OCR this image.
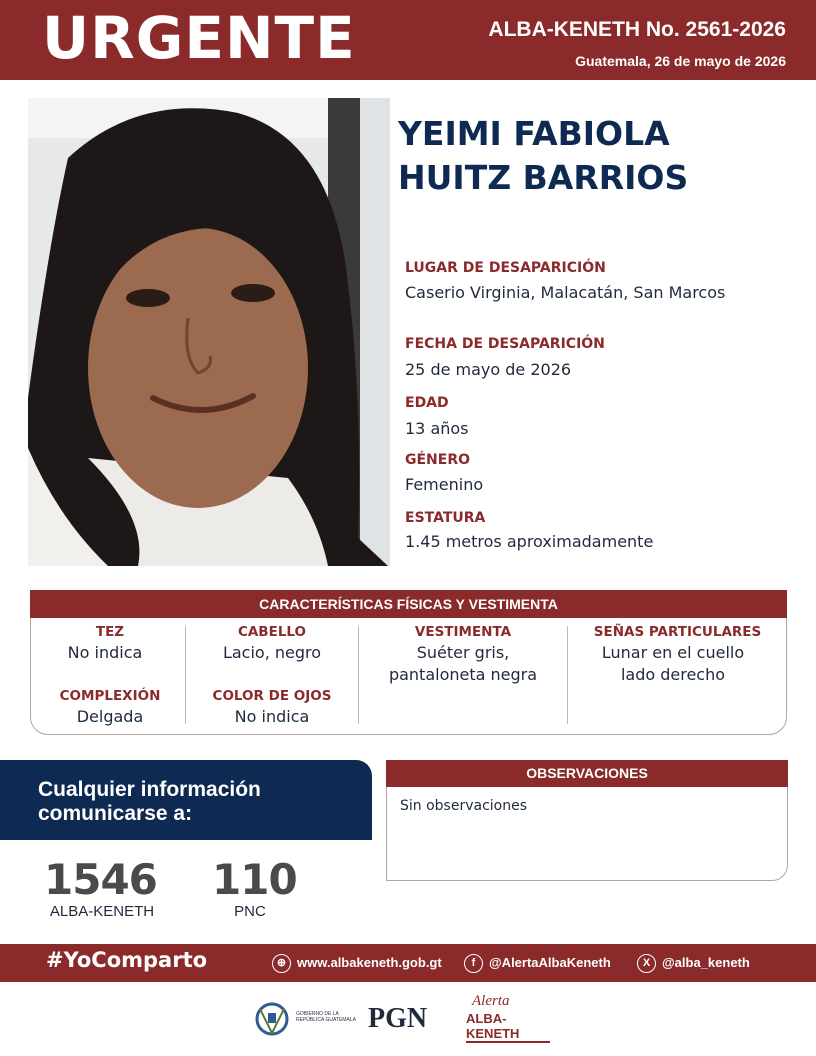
URGENTE	ALBA-KENETH No. 2561-2026
Guatemala, 26 de mayo de 2026
YEIMI FABIOLA
HUITZ BARRIOS
LUGAR DE DESAPARICIÓN
Caserio Virginia, Malacatán, San Marcos
FECHA DE DESAPARICIÓN
25 de mayo de 2026
EDAD
13 años
GÉNERO
Femenino
ESTATURA
1.45 metros aproximadamente
CARACTERÍSTICAS FÍSICAS Y VESTIMENTA
TEZ
No indica
COMPLEXIÓN
Delgada
CABELLO
Lacio, negro
COLOR DE OJOS
No indica
VESTIMENTA
Suéter gris,
pantaloneta negra
SEÑAS PARTICULARES
Lunar en el cuello
lado derecho
Cualquier información
comunicarse a:
1546
ALBA-KENETH
110
PNC
OBSERVACIONES
Sin observaciones
#YoComparto	⊕ www.albakeneth.gob.gt	f @AlertaAlbaKeneth	X @alba_keneth
GOBIERNO DE LA REPÚBLICA GUATEMALA PGN
Alerta
ALBA-KENETH
